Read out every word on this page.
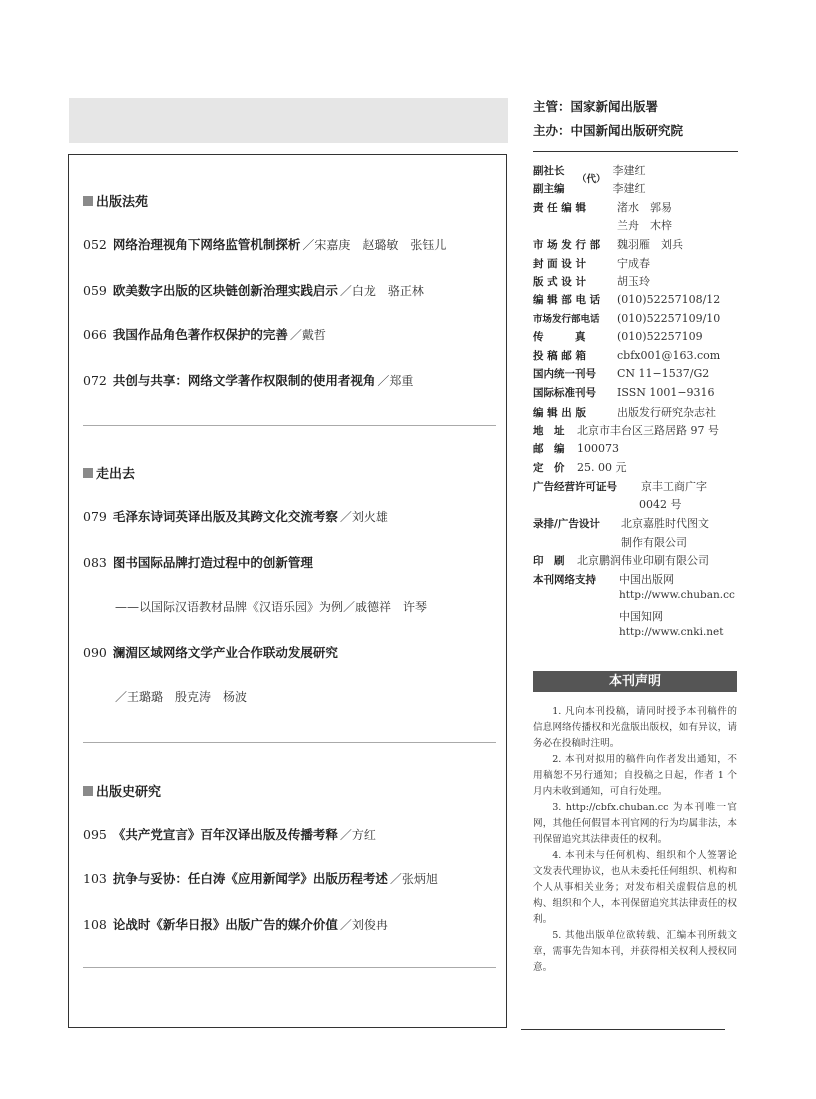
出版法苑
052 网络治理视角下网络监管机制探析 ／宋嘉庚　赵璐敏　张钰儿
059 欧美数字出版的区块链创新治理实践启示 ／白龙　骆正林
066 我国作品角色著作权保护的完善 ／戴哲
072 共创与共享：网络文学著作权限制的使用者视角 ／郑重
走出去
079 毛泽东诗词英译出版及其跨文化交流考察 ／刘火雄
083 图书国际品牌打造过程中的创新管理
——以国际汉语教材品牌《汉语乐园》为例／戚德祥　许琴
090 澜湄区域网络文学产业合作联动发展研究
／王璐璐　殷克涛　杨波
出版史研究
095 《共产党宣言》百年汉译出版及传播考释 ／方红
103 抗争与妥协：任白涛《应用新闻学》出版历程考述 ／张炳旭
108 论战时《新华日报》出版广告的媒介价值 ／刘俊冉
主管：国家新闻出版署
主办：中国新闻出版研究院
副社长	李建红
（代）
副主编	李建红
责 任 编 辑	渚水　郭易
兰舟　木梓
市 场 发 行 部	魏羽雁　刘兵
封 面 设 计	宁成春
版 式 设 计	胡玉玲
编 辑 部 电 话	(010)52257108/12
市场发行部电话	(010)52257109/10
传　　　真	(010)52257109
投 稿 邮 箱	cbfx001@163.com
国内统一刊号	CN 11−1537/G2
国际标准刊号	ISSN 1001−9316
编 辑 出 版	出版发行研究杂志社
地　址	北京市丰台区三路居路 97 号
邮　编	100073
定　价	25. 00 元
广告经营许可证号	京丰工商广字
0042 号
录排/广告设计	北京嘉胜时代图文
制作有限公司
印　刷	北京鹏润伟业印刷有限公司
本刊网络支持	中国出版网
http://www.chuban.cc
中国知网
http://www.cnki.net
本刊声明

1. 凡向本刊投稿，请同时授予本刊稿件的信息网络传播权和光盘版出版权，如有异议，请务必在投稿时注明。

2. 本刊对拟用的稿件向作者发出通知，不用稿恕不另行通知；自投稿之日起，作者 1 个月内未收到通知，可自行处理。

3. http://cbfx.chuban.cc 为本刊唯一官网，其他任何假冒本刊官网的行为均属非法，本刊保留追究其法律责任的权利。

4. 本刊未与任何机构、组织和个人签署论文发表代理协议，也从未委托任何组织、机构和个人从事相关业务；对发布相关虚假信息的机构、组织和个人，本刊保留追究其法律责任的权利。

5. 其他出版单位欲转载、汇编本刊所载文章，需事先告知本刊，并获得相关权利人授权同意。
